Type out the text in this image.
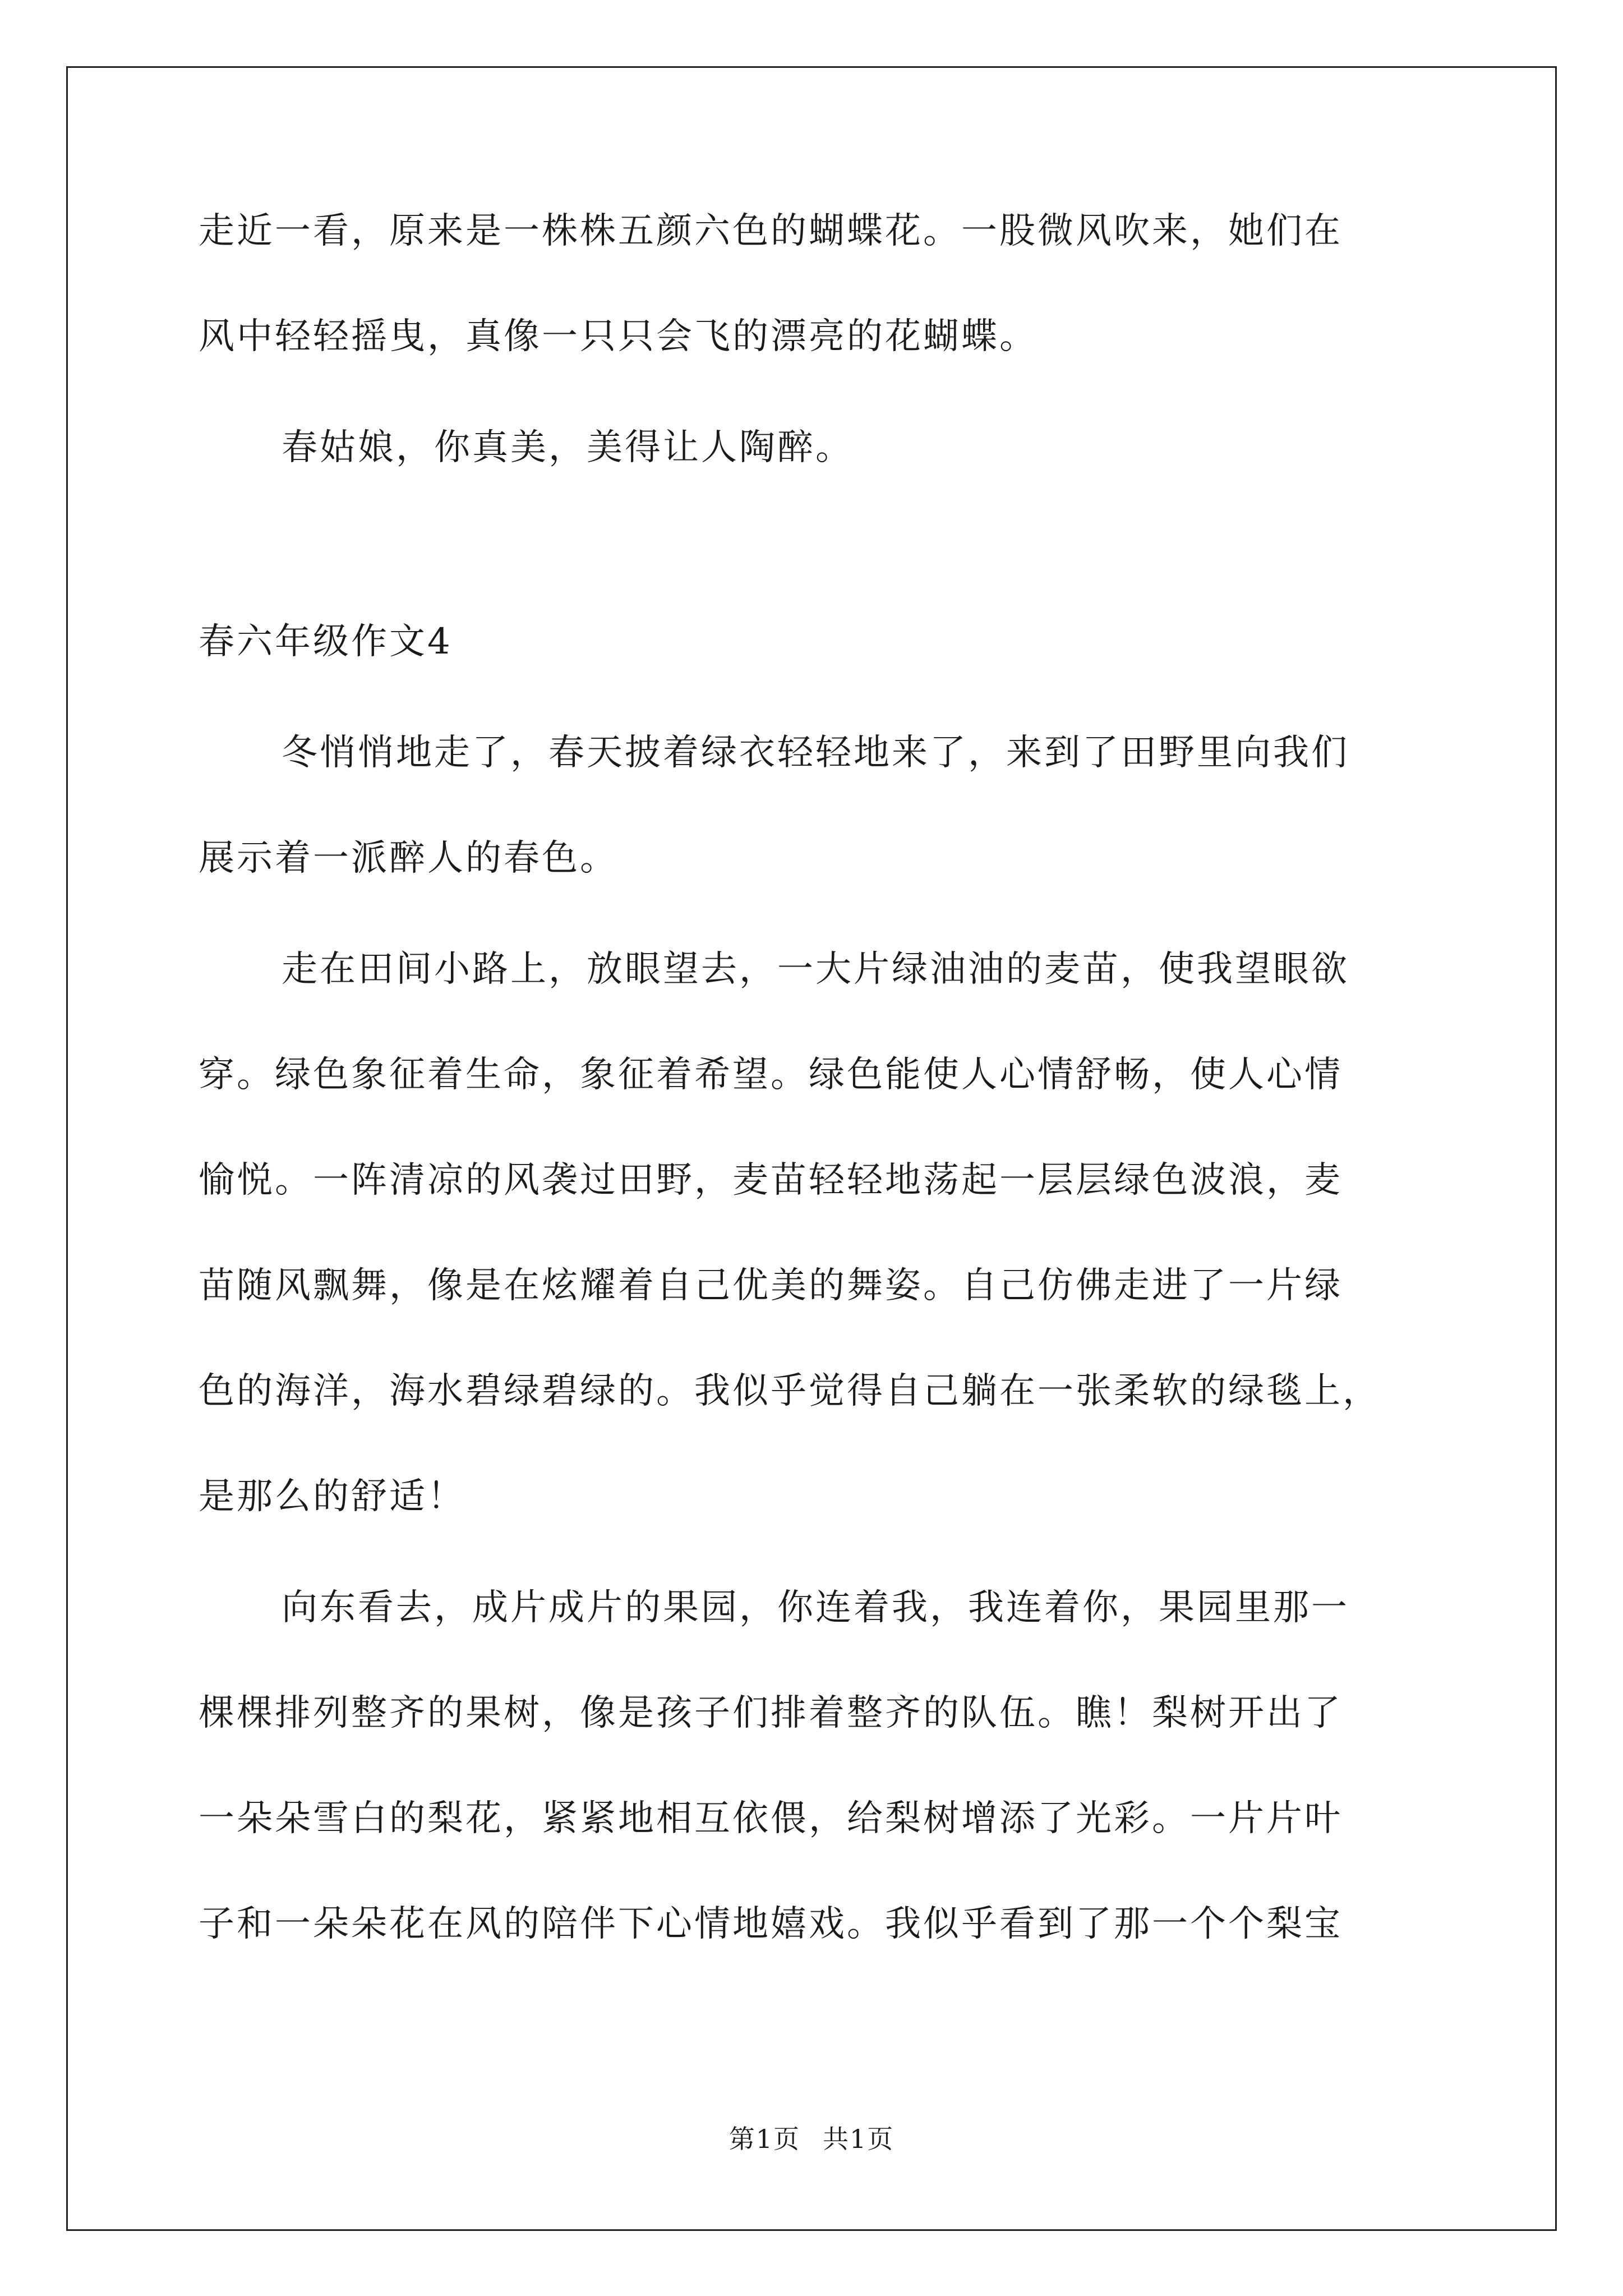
走近一看，原来是一株株五颜六色的蝴蝶花。一股微风吹来，她们在
风中轻轻摇曳，真像一只只会飞的漂亮的花蝴蝶。
春姑娘，你真美，美得让人陶醉。
春六年级作文4
冬悄悄地走了，春天披着绿衣轻轻地来了，来到了田野里向我们
展示着一派醉人的春色。
走在田间小路上，放眼望去，一大片绿油油的麦苗，使我望眼欲
穿。绿色象征着生命，象征着希望。绿色能使人心情舒畅，使人心情
愉悦。一阵清凉的风袭过田野，麦苗轻轻地荡起一层层绿色波浪，麦
苗随风飘舞，像是在炫耀着自己优美的舞姿。自己仿佛走进了一片绿
色的海洋，海水碧绿碧绿的。我似乎觉得自己躺在一张柔软的绿毯上，
是那么的舒适！
向东看去，成片成片的果园，你连着我，我连着你，果园里那一
棵棵排列整齐的果树，像是孩子们排着整齐的队伍。瞧！梨树开出了
一朵朵雪白的梨花，紧紧地相互依偎，给梨树增添了光彩。一片片叶
子和一朵朵花在风的陪伴下心情地嬉戏。我似乎看到了那一个个梨宝
第1页 共1页
